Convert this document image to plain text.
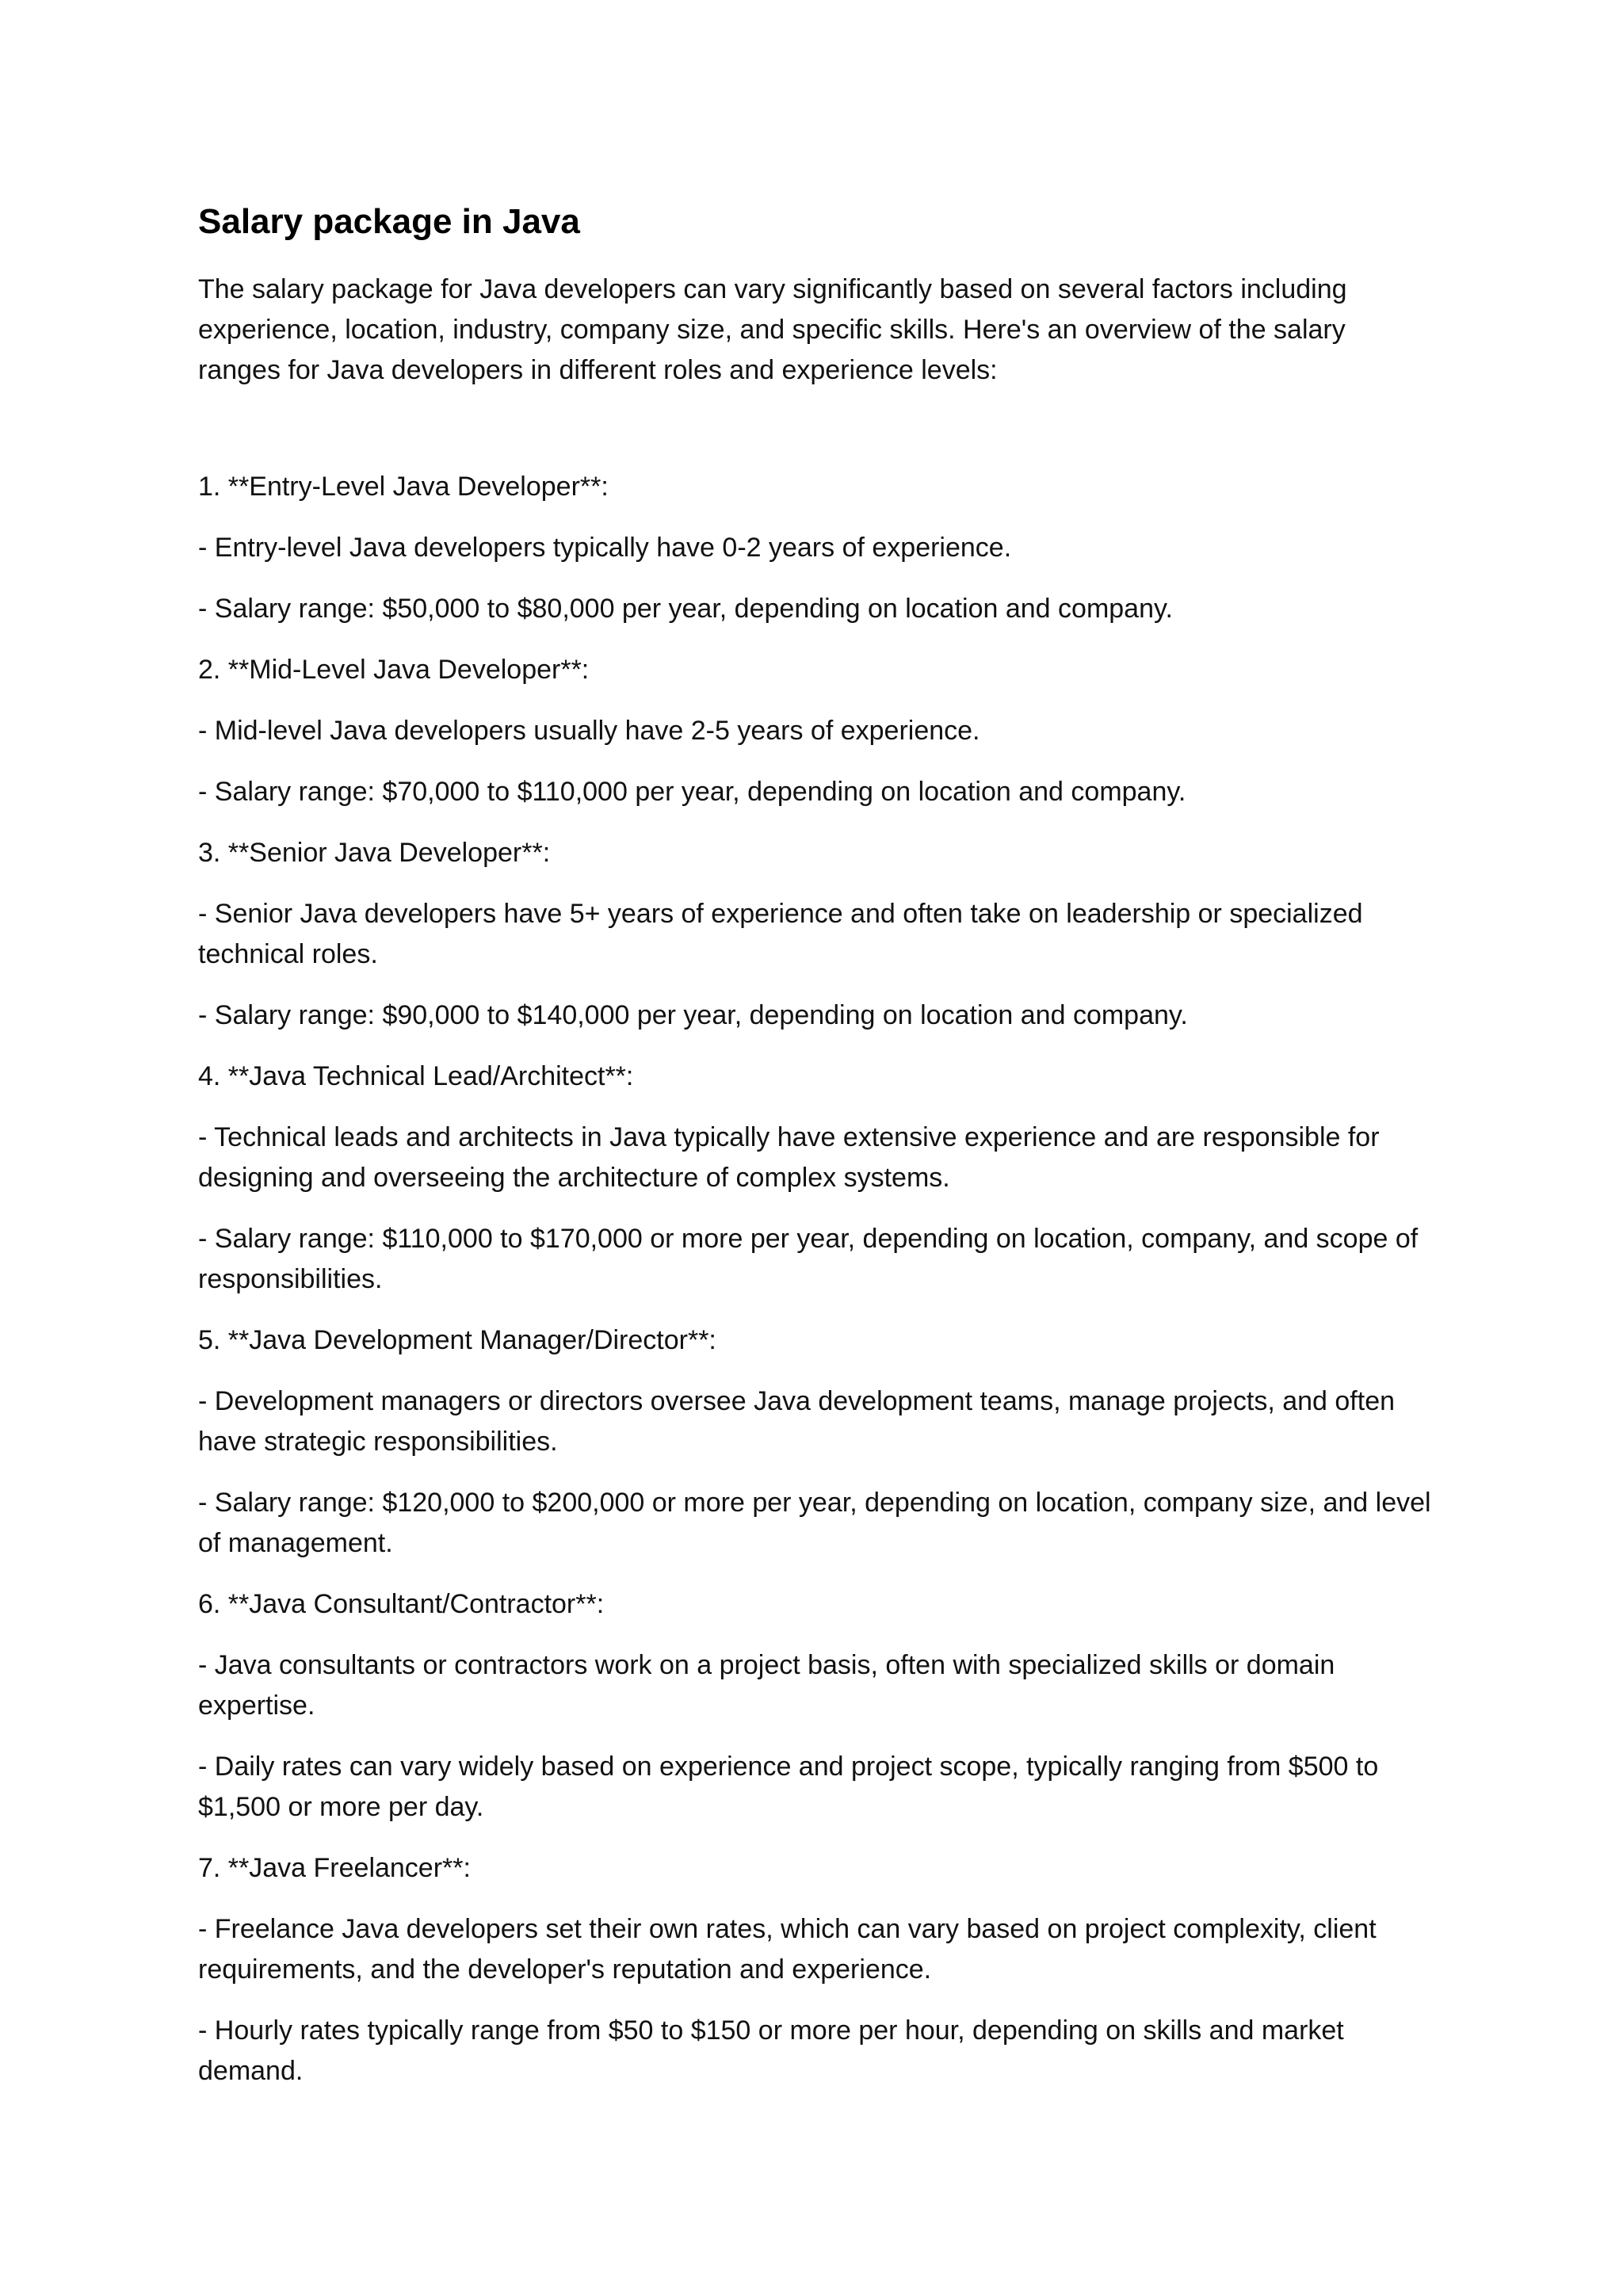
Salary package in Java

The salary package for Java developers can vary significantly based on several factors including experience, location, industry, company size, and specific skills. Here's an overview of the salary ranges for Java developers in different roles and experience levels:

1. **Entry-Level Java Developer**:

- Entry-level Java developers typically have 0-2 years of experience.

- Salary range: $50,000 to $80,000 per year, depending on location and company.

2. **Mid-Level Java Developer**:

- Mid-level Java developers usually have 2-5 years of experience.

- Salary range: $70,000 to $110,000 per year, depending on location and company.

3. **Senior Java Developer**:

- Senior Java developers have 5+ years of experience and often take on leadership or specialized technical roles.

- Salary range: $90,000 to $140,000 per year, depending on location and company.

4. **Java Technical Lead/Architect**:

- Technical leads and architects in Java typically have extensive experience and are responsible for designing and overseeing the architecture of complex systems.

- Salary range: $110,000 to $170,000 or more per year, depending on location, company, and scope of responsibilities.

5. **Java Development Manager/Director**:

- Development managers or directors oversee Java development teams, manage projects, and often have strategic responsibilities.

- Salary range: $120,000 to $200,000 or more per year, depending on location, company size, and level of management.

6. **Java Consultant/Contractor**:

- Java consultants or contractors work on a project basis, often with specialized skills or domain expertise.

- Daily rates can vary widely based on experience and project scope, typically ranging from $500 to $1,500 or more per day.

7. **Java Freelancer**:

- Freelance Java developers set their own rates, which can vary based on project complexity, client requirements, and the developer's reputation and experience.

- Hourly rates typically range from $50 to $150 or more per hour, depending on skills and market demand.
